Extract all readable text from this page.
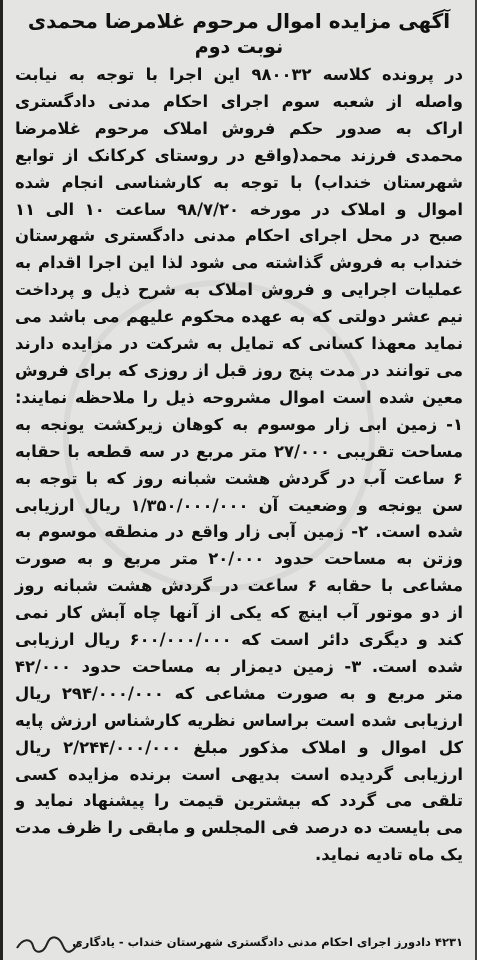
آگهی مزایده اموال مرحوم غلامرضا محمدی
نوبت دوم
در پرونده کلاسه ۹۸۰۰۳۲ این اجرا با توجه به نیابت
واصله از شعبه سوم اجرای احکام مدنی دادگستری
اراک به صدور حکم فروش املاک مرحوم غلامرضا
محمدی فرزند محمد(واقع در روستای کرکانک از توابع
شهرستان خنداب) با توجه به کارشناسی انجام شده
اموال و املاک در مورخه ۹۸/۷/۲۰ ساعت ۱۰ الی ۱۱
صبح در محل اجرای احکام مدنی دادگستری شهرستان
خنداب به فروش گذاشته می شود لذا این اجرا اقدام به
عملیات اجرایی و فروش املاک به شرح ذیل و پرداخت
نیم عشر دولتی که به عهده محکوم علیهم می باشد می
نماید معهذا کسانی که تمایل به شرکت در مزایده دارند
می توانند در مدت پنج روز قبل از روزی که برای فروش
معین شده است اموال مشروحه ذیل را ملاحظه نمایند:
۱- زمین ابی زار موسوم به کوهان زیرکشت یونجه به
مساحت تقریبی ۲۷/۰۰۰ متر مربع در سه قطعه با حقابه
۶ ساعت آب در گردش هشت شبانه روز که با توجه به
سن یونجه و وضعیت آن ۱/۳۵۰/۰۰۰/۰۰۰ ریال ارزیابی
شده است. ۲- زمین آبی زار واقع در منطقه موسوم به
وزتن به مساحت حدود ۲۰/۰۰۰ متر مربع و به صورت
مشاعی با حقابه ۶ ساعت در گردش هشت شبانه روز
از دو موتور آب اینچ که یکی از آنها چاه آبش کار نمی
کند و دیگری دائر است که ۶۰۰/۰۰۰/۰۰۰ ریال ارزیابی
شده است. ۳- زمین دیمزار به مساحت حدود ۴۲/۰۰۰
متر مربع و به صورت مشاعی که ۲۹۴/۰۰۰/۰۰۰ ریال
ارزیابی شده است براساس نظریه کارشناس ارزش پایه
کل اموال و املاک مذکور مبلغ ۲/۲۴۴/۰۰۰/۰۰۰ ریال
ارزیابی گردیده است بدیهی است برنده مزایده کسی
تلقی می گردد که بیشترین قیمت را پیشنهاد نماید و
می بایست ده درصد فی المجلس و مابقی را ظرف مدت
یک ماه تادیه نماید.
۴۲۳۱ دادورز اجرای احکام مدنی دادگستری شهرستان خنداب - یادگاری
